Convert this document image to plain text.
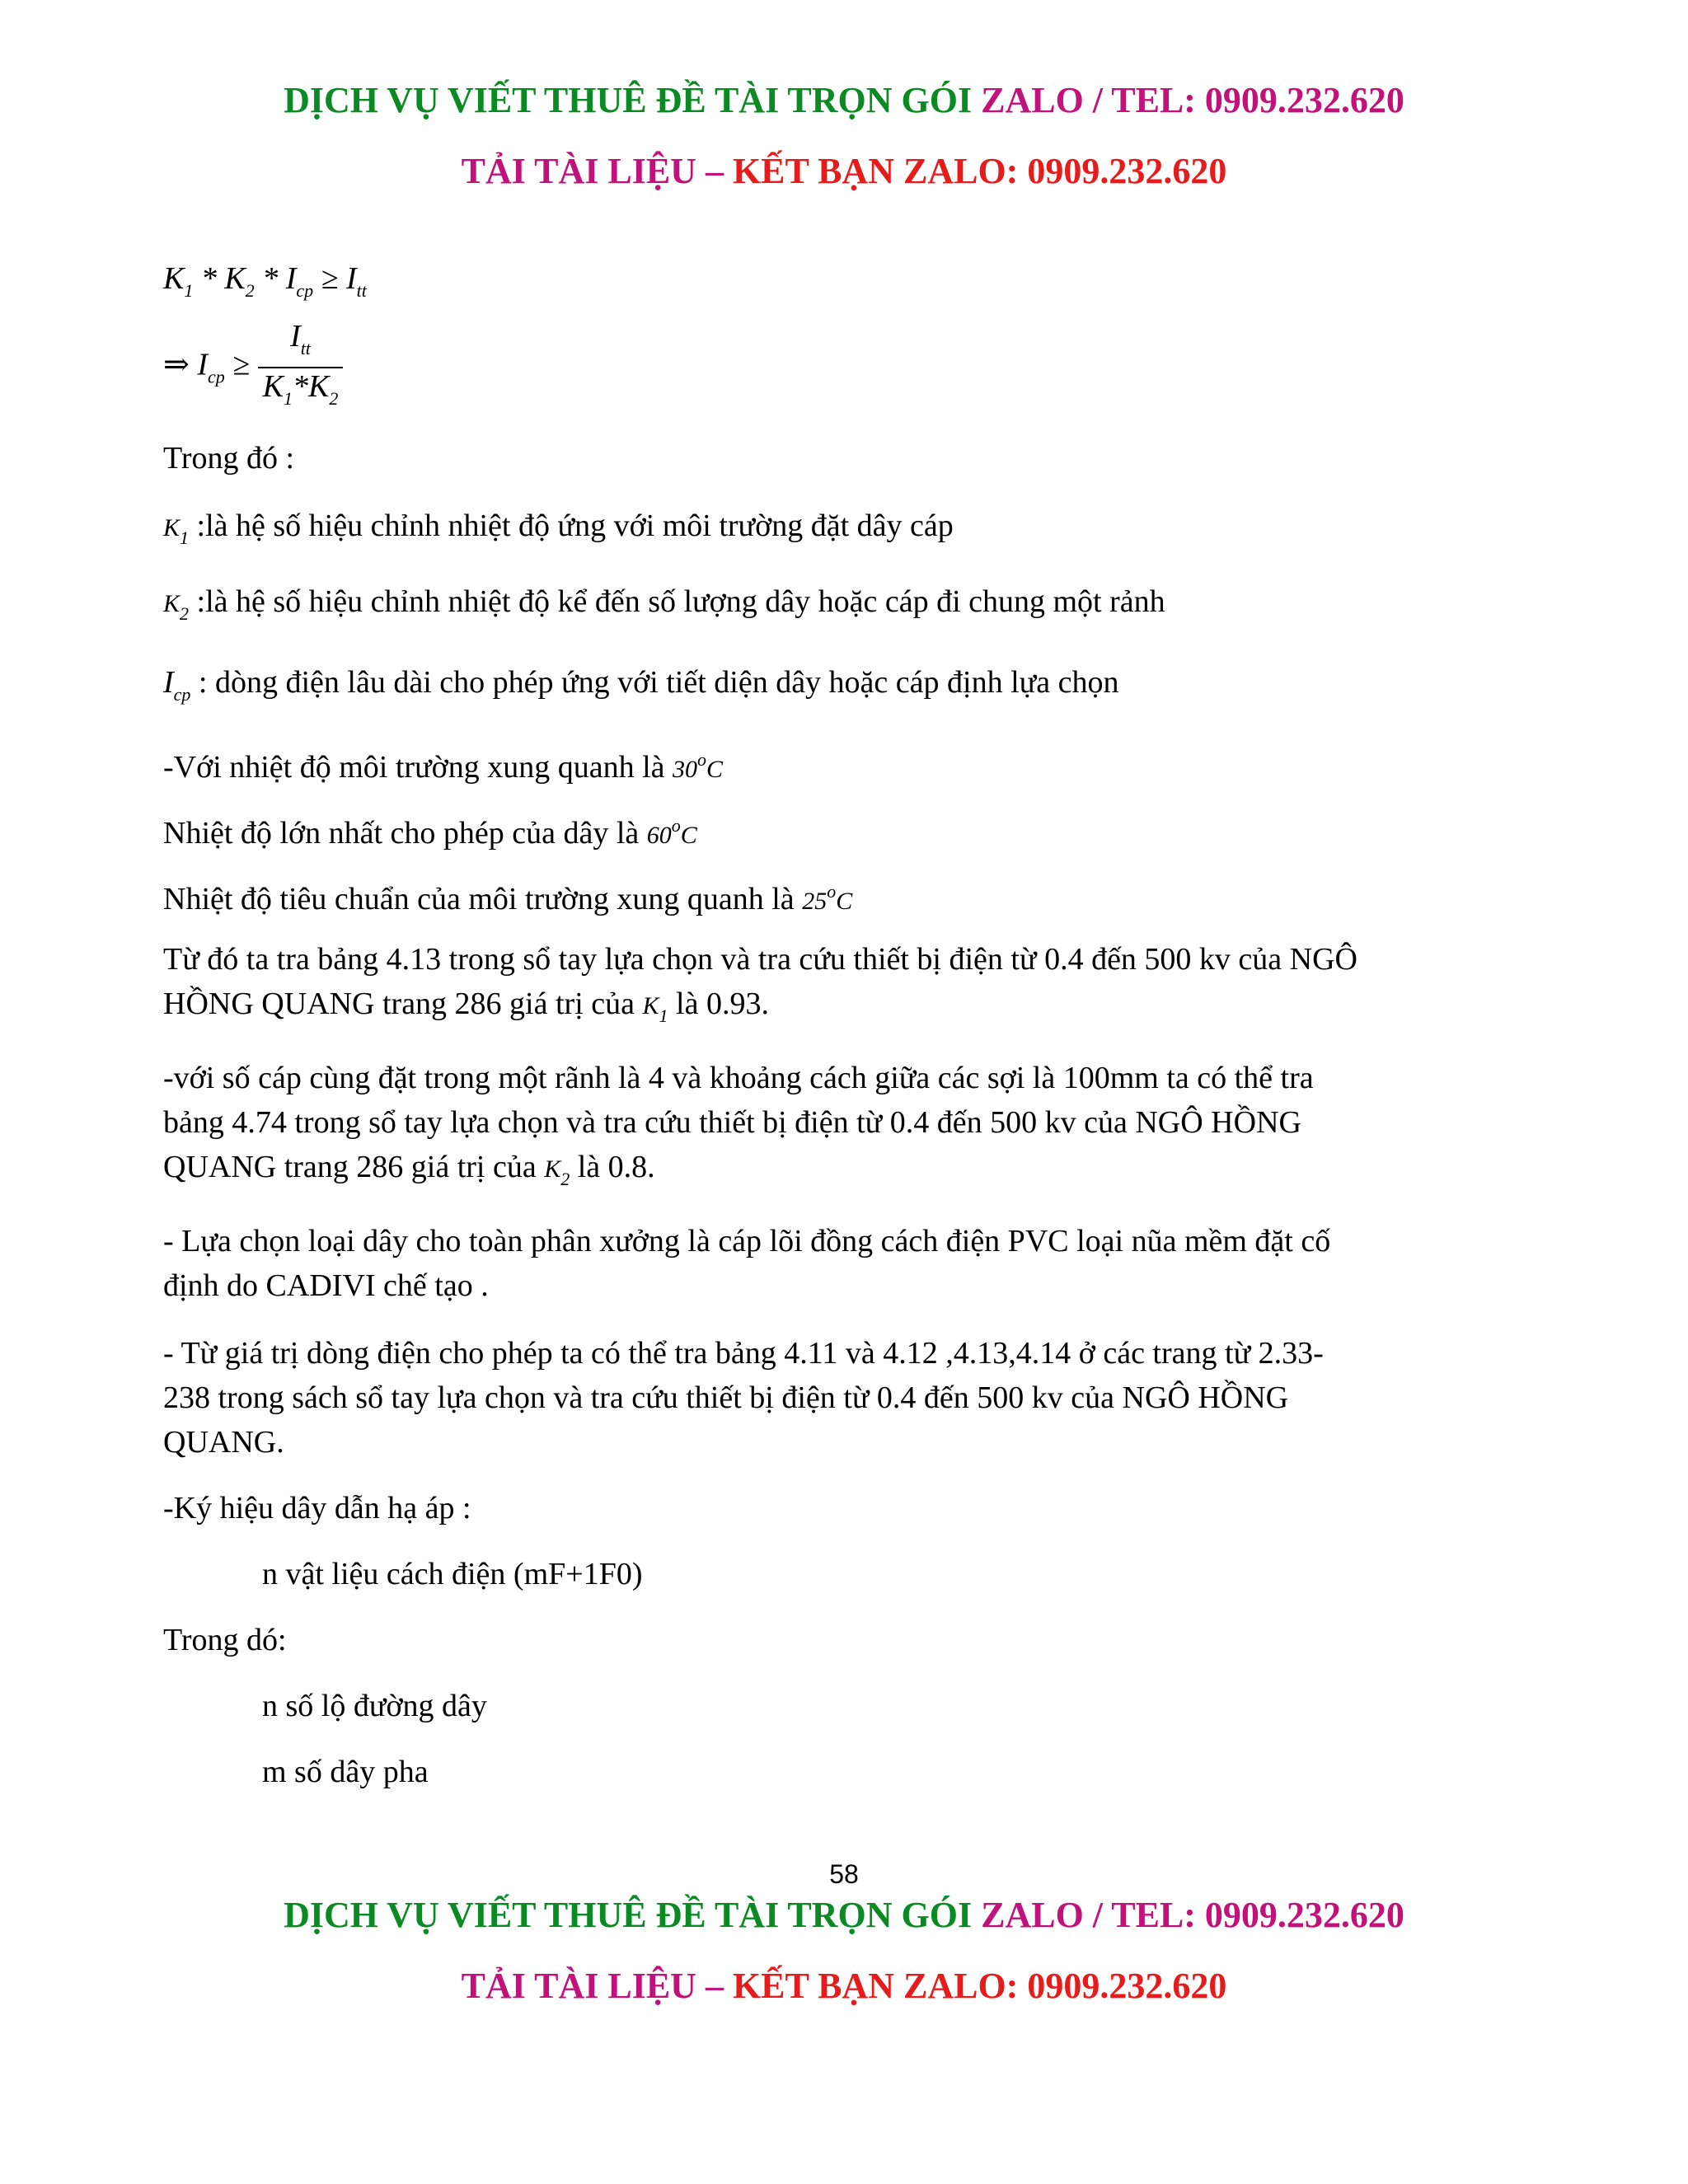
DỊCH VỤ VIẾT THUÊ ĐỀ TÀI TRỌN GÓI ZALO / TEL: 0909.232.620
TẢI TÀI LIỆU – KẾT BẠN ZALO: 0909.232.620
$K_1 * K_2 * I_{cp} \ge I_{tt}$
⇒ $I_{cp} \ge \frac{I_{tt}}{K_1*K_2}$
Trong đó :
$K_1$ :là hệ số hiệu chỉnh nhiệt độ ứng với môi trường đặt dây cáp
$K_2$ :là hệ số hiệu chỉnh nhiệt độ kể đến số lượng dây hoặc cáp đi chung một rảnh
$I_{cp}$ : dòng điện lâu dài cho phép ứng với tiết diện dây hoặc cáp định lựa chọn
-Với nhiệt độ môi trường xung quanh là 30$^o$C
Nhiệt độ lớn nhất cho phép của dây là 60$^o$C
Nhiệt độ tiêu chuẩn của môi trường xung quanh là 25$^o$C
Từ đó ta tra bảng 4.13 trong sổ tay lựa chọn và tra cứu thiết bị điện từ 0.4 đến 500 kv của NGÔ
HỒNG QUANG trang 286 giá trị của $K_1$ là 0.93.
-với số cáp cùng đặt trong một rãnh là 4 và khoảng cách giữa các sợi là 100mm ta có thể tra
bảng 4.74 trong sổ tay lựa chọn và tra cứu thiết bị điện từ 0.4 đến 500 kv của NGÔ HỒNG
QUANG trang 286 giá trị của $K_2$ là 0.8.
- Lựa chọn loại dây cho toàn phân xưởng là cáp lõi đồng cách điện PVC loại nũa mềm đặt cố
định do CADIVI chế tạo .
- Từ giá trị dòng điện cho phép ta có thể tra bảng 4.11 và 4.12 ,4.13,4.14 ở các trang từ 2.33-
238 trong sách sổ tay lựa chọn và tra cứu thiết bị điện từ 0.4 đến 500 kv của NGÔ HỒNG
QUANG.
-Ký hiệu dây dẫn hạ áp :
n vật liệu cách điện (mF+1F0)
Trong dó:
n số lộ đường dây
m số dây pha
58
DỊCH VỤ VIẾT THUÊ ĐỀ TÀI TRỌN GÓI ZALO / TEL: 0909.232.620
TẢI TÀI LIỆU – KẾT BẠN ZALO: 0909.232.620
